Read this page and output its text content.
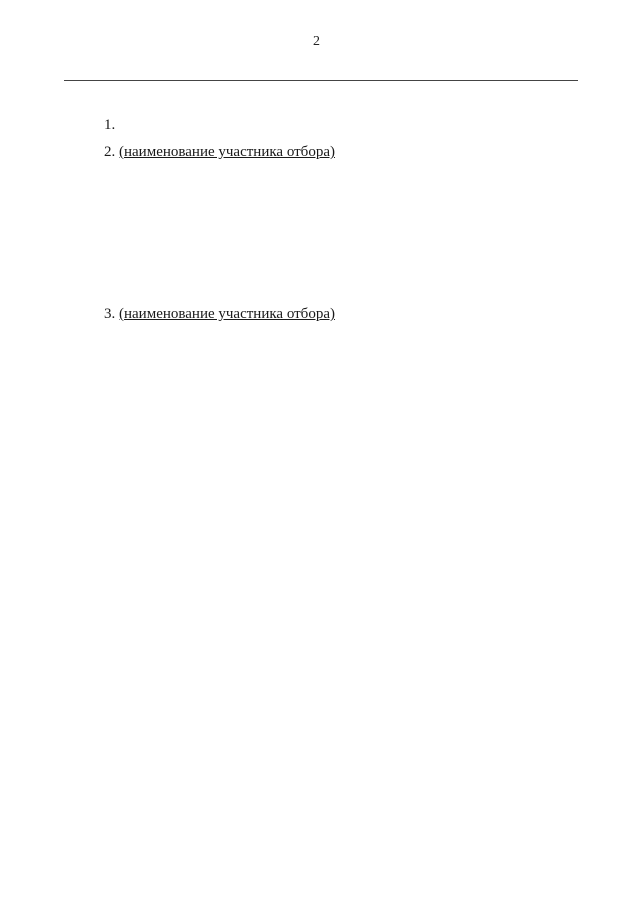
2

1.

2. (наименование участника отбора)

3. (наименование участника отбора)
